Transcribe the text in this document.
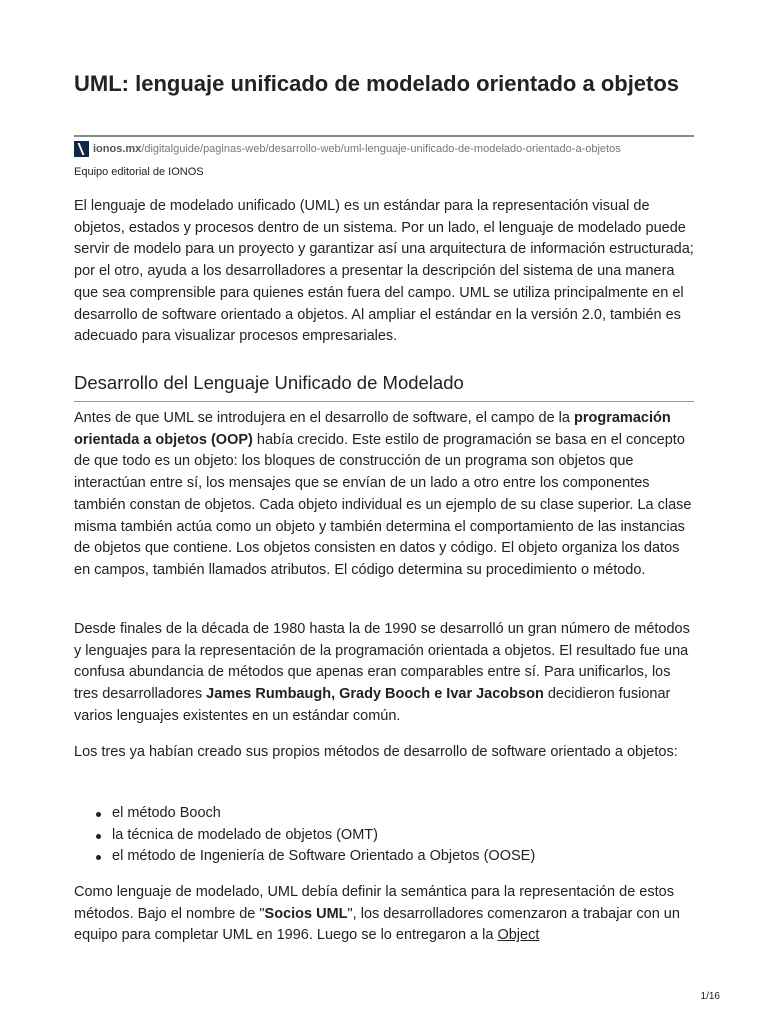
UML: lenguaje unificado de modelado orientado a objetos
ionos.mx /digitalguide/paginas-web/desarrollo-web/uml-lenguaje-unificado-de-modelado-orientado-a-objetos
Equipo editorial de IONOS

El lenguaje de modelado unificado (UML) es un estándar para la representación visual de objetos, estados y procesos dentro de un sistema. Por un lado, el lenguaje de modelado puede servir de modelo para un proyecto y garantizar así una arquitectura de información estructurada; por el otro, ayuda a los desarrolladores a presentar la descripción del sistema de una manera que sea comprensible para quienes están fuera del campo. UML se utiliza principalmente en el desarrollo de software orientado a objetos. Al ampliar el estándar en la versión 2.0, también es adecuado para visualizar procesos empresariales.

Desarrollo del Lenguaje Unificado de Modelado

Antes de que UML se introdujera en el desarrollo de software, el campo de la programación orientada a objetos (OOP) había crecido. Este estilo de programación se basa en el concepto de que todo es un objeto: los bloques de construcción de un programa son objetos que interactúan entre sí, los mensajes que se envían de un lado a otro entre los componentes también constan de objetos. Cada objeto individual es un ejemplo de su clase superior. La clase misma también actúa como un objeto y también determina el comportamiento de las instancias de objetos que contiene. Los objetos consisten en datos y código. El objeto organiza los datos en campos, también llamados atributos. El código determina su procedimiento o método.

Desde finales de la década de 1980 hasta la de 1990 se desarrolló un gran número de métodos y lenguajes para la representación de la programación orientada a objetos. El resultado fue una confusa abundancia de métodos que apenas eran comparables entre sí. Para unificarlos, los tres desarrolladores James Rumbaugh, Grady Booch e Ivar Jacobson decidieron fusionar varios lenguajes existentes en un estándar común.

Los tres ya habían creado sus propios métodos de desarrollo de software orientado a objetos:

el método Booch
la técnica de modelado de objetos (OMT)
el método de Ingeniería de Software Orientado a Objetos (OOSE)

Como lenguaje de modelado, UML debía definir la semántica para la representación de estos métodos. Bajo el nombre de "Socios UML", los desarrolladores comenzaron a trabajar con un equipo para completar UML en 1996. Luego se lo entregaron a la Object

1/16
